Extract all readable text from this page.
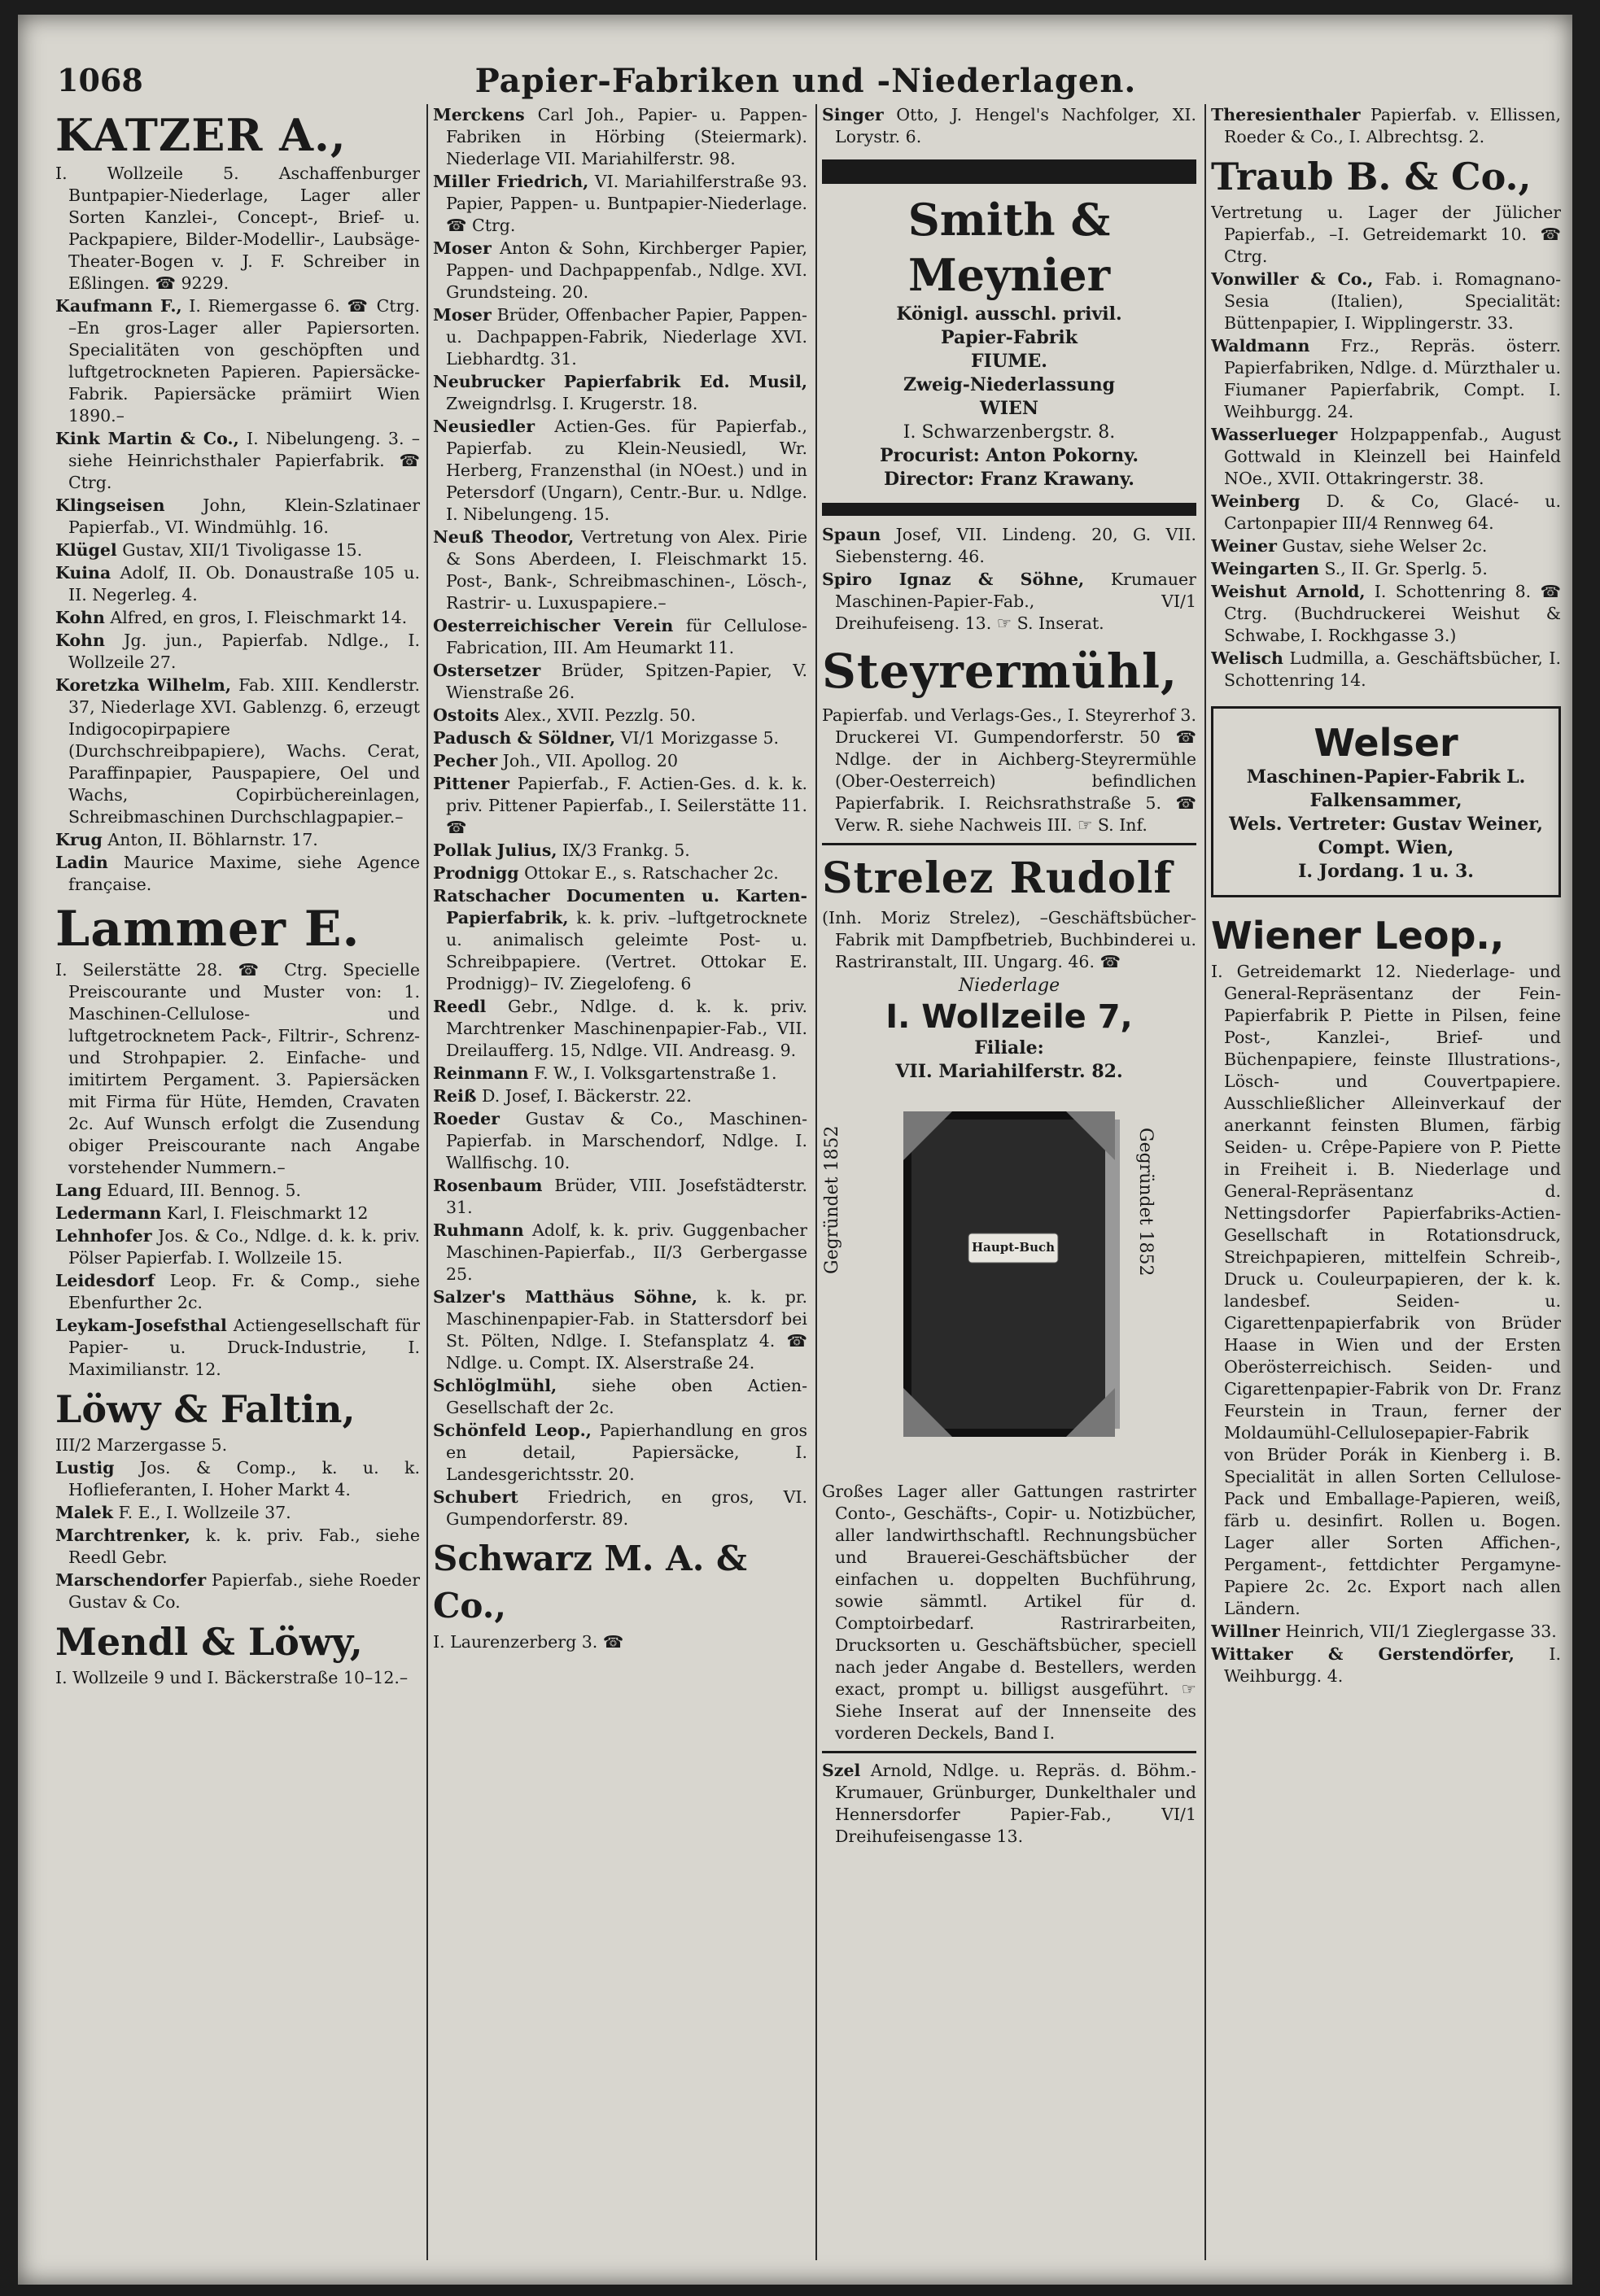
1068	Papier-Fabriken und -Niederlagen.
KATZER A.,

I. Wollzeile 5. Aschaffenburger Buntpapier-Niederlage, Lager aller Sorten Kanzlei-, Concept-, Brief- u. Packpapiere, Bilder-Modellir-, Laubsäge-Theater-Bogen v. J. F. Schreiber in Eßlingen. ☎ 9229.

Kaufmann F., I. Riemergasse 6. ☎ Ctrg. –En gros-Lager aller Papiersorten. Specialitäten von geschöpften und luftgetrockneten Papieren. Papiersäcke-Fabrik. Papiersäcke prämiirt Wien 1890.–

Kink Martin & Co., I. Nibelungeng. 3. –siehe Heinrichsthaler Papierfabrik. ☎ Ctrg.

Klingseisen John, Klein-Szlatinaer Papierfab., VI. Windmühlg. 16.

Klügel Gustav, XII/1 Tivoligasse 15.

Kuina Adolf, II. Ob. Donaustraße 105 u. II. Negerleg. 4.

Kohn Alfred, en gros, I. Fleischmarkt 14.

Kohn Jg. jun., Papierfab. Ndlge., I. Wollzeile 27.

Koretzka Wilhelm, Fab. XIII. Kendlerstr. 37, Niederlage XVI. Gablenzg. 6, erzeugt Indigocopirpapiere (Durchschreibpapiere), Wachs. Cerat, Paraffinpapier, Pauspapiere, Oel und Wachs, Copirbüchereinlagen, Schreibmaschinen Durchschlagpapier.–

Krug Anton, II. Böhlarnstr. 17.

Ladin Maurice Maxime, siehe Agence française.

Lammer E.

I. Seilerstätte 28. ☎ Ctrg. Specielle Preiscourante und Muster von: 1. Maschinen-Cellulose- und luftgetrocknetem Pack-, Filtrir-, Schrenz- und Strohpapier. 2. Einfache- und imitirtem Pergament. 3. Papiersäcken mit Firma für Hüte, Hemden, Cravaten 2c. Auf Wunsch erfolgt die Zusendung obiger Preiscourante nach Angabe vorstehender Nummern.–

Lang Eduard, III. Bennog. 5.

Ledermann Karl, I. Fleischmarkt 12

Lehnhofer Jos. & Co., Ndlge. d. k. k. priv. Pölser Papierfab. I. Wollzeile 15.

Leidesdorf Leop. Fr. & Comp., siehe Ebenfurther 2c.

Leykam-Josefsthal Actiengesellschaft für Papier- u. Druck-Industrie, I. Maximilianstr. 12.

Löwy & Faltin,

III/2 Marzergasse 5.

Lustig Jos. & Comp., k. u. k. Hoflieferanten, I. Hoher Markt 4.

Malek F. E., I. Wollzeile 37.

Marchtrenker, k. k. priv. Fab., siehe Reedl Gebr.

Marschendorfer Papierfab., siehe Roeder Gustav & Co.

Mendl & Löwy,

I. Wollzeile 9 und I. Bäckerstraße 10–12.–

Merckens Carl Joh., Papier- u. Pappen-Fabriken in Hörbing (Steiermark). Niederlage VII. Mariahilferstr. 98.

Miller Friedrich, VI. Mariahilferstraße 93. Papier, Pappen- u. Buntpapier-Niederlage. ☎ Ctrg.

Moser Anton & Sohn, Kirchberger Papier, Pappen- und Dachpappenfab., Ndlge. XVI. Grundsteing. 20.

Moser Brüder, Offenbacher Papier, Pappen- u. Dachpappen-Fabrik, Niederlage XVI. Liebhardtg. 31.

Neubrucker Papierfabrik Ed. Musil, Zweigndrlsg. I. Krugerstr. 18.

Neusiedler Actien-Ges. für Papierfab., Papierfab. zu Klein-Neusiedl, Wr. Herberg, Franzensthal (in NOest.) und in Petersdorf (Ungarn), Centr.-Bur. u. Ndlge. I. Nibelungeng. 15.

Neuß Theodor, Vertretung von Alex. Pirie & Sons Aberdeen, I. Fleischmarkt 15. Post-, Bank-, Schreibmaschinen-, Lösch-, Rastrir- u. Luxuspapiere.–

Oesterreichischer Verein für Cellulose-Fabrication, III. Am Heumarkt 11.

Ostersetzer Brüder, Spitzen-Papier, V. Wienstraße 26.

Ostoits Alex., XVII. Pezzlg. 50.

Padusch & Söldner, VI/1 Morizgasse 5.

Pecher Joh., VII. Apollog. 20

Pittener Papierfab., F. Actien-Ges. d. k. k. priv. Pittener Papierfab., I. Seilerstätte 11. ☎

Pollak Julius, IX/3 Frankg. 5.

Prodnigg Ottokar E., s. Ratschacher 2c.

Ratschacher Documenten u. Karten-Papierfabrik, k. k. priv. –luftgetrocknete u. animalisch geleimte Post- u. Schreibpapiere. (Vertret. Ottokar E. Prodnigg)– IV. Ziegelofeng. 6

Reedl Gebr., Ndlge. d. k. k. priv. Marchtrenker Maschinenpapier-Fab., VII. Dreilaufferg. 15, Ndlge. VII. Andreasg. 9.

Reinmann F. W., I. Volksgartenstraße 1.

Reiß D. Josef, I. Bäckerstr. 22.

Roeder Gustav & Co., Maschinen-Papierfab. in Marschendorf, Ndlge. I. Wallfischg. 10.

Rosenbaum Brüder, VIII. Josefstädterstr. 31.

Ruhmann Adolf, k. k. priv. Guggenbacher Maschinen-Papierfab., II/3 Gerbergasse 25.

Salzer's Matthäus Söhne, k. k. pr. Maschinenpapier-Fab. in Stattersdorf bei St. Pölten, Ndlge. I. Stefansplatz 4. ☎ Ndlge. u. Compt. IX. Alserstraße 24.

Schlöglmühl, siehe oben Actien-Gesellschaft der 2c.

Schönfeld Leop., Papierhandlung en gros en detail, Papiersäcke, I. Landesgerichtsstr. 20.

Schubert Friedrich, en gros, VI. Gumpendorferstr. 89.

Schwarz M. A. & Co.,

I. Laurenzerberg 3. ☎

Singer Otto, J. Hengel's Nachfolger, XI. Lorystr. 6.

Smith & Meynier

Königl. ausschl. privil.

Papier-Fabrik

FIUME.

Zweig-Niederlassung

WIEN

I. Schwarzenbergstr. 8.

Procurist: Anton Pokorny.

Director: Franz Krawany.

Spaun Josef, VII. Lindeng. 20, G. VII. Siebensterng. 46.

Spiro Ignaz & Söhne, Krumauer Maschinen-Papier-Fab., VI/1 Dreihufeiseng. 13. ☞ S. Inserat.

Steyrermühl,

Papierfab. und Verlags-Ges., I. Steyrerhof 3. Druckerei VI. Gumpendorferstr. 50 ☎ Ndlge. der in Aichberg-Steyrermühle (Ober-Oesterreich) befindlichen Papierfabrik. I. Reichsrathstraße 5. ☎ Verw. R. siehe Nachweis III. ☞ S. Inf.

Strelez Rudolf

(Inh. Moriz Strelez), –Geschäftsbücher-Fabrik mit Dampfbetrieb, Buchbinderei u. Rastriranstalt, III. Ungarg. 46. ☎

Niederlage

I. Wollzeile 7,

Filiale:

VII. Mariahilferstr. 82.

Haupt-Buch
Gegründet 1852	Gegründet 1852

Großes Lager aller Gattungen rastrirter Conto-, Geschäfts-, Copir- u. Notizbücher, aller landwirthschaftl. Rechnungsbücher und Brauerei-Geschäftsbücher der einfachen u. doppelten Buchführung, sowie sämmtl. Artikel für d. Comptoirbedarf. Rastrirarbeiten, Drucksorten u. Geschäftsbücher, speciell nach jeder Angabe d. Bestellers, werden exact, prompt u. billigst ausgeführt. ☞ Siehe Inserat auf der Innenseite des vorderen Deckels, Band I.

Szel Arnold, Ndlge. u. Repräs. d. Böhm.-Krumauer, Grünburger, Dunkelthaler und Hennersdorfer Papier-Fab., VI/1 Dreihufeisengasse 13.

Theresienthaler Papierfab. v. Ellissen, Roeder & Co., I. Albrechtsg. 2.

Traub B. & Co.,

Vertretung u. Lager der Jülicher Papierfab., –I. Getreidemarkt 10. ☎ Ctrg.

Vonwiller & Co., Fab. i. Romagnano-Sesia (Italien), Specialität: Büttenpapier, I. Wipplingerstr. 33.

Waldmann Frz., Repräs. österr. Papierfabriken, Ndlge. d. Mürzthaler u. Fiumaner Papierfabrik, Compt. I. Weihburgg. 24.

Wasserlueger Holzpappenfab., August Gottwald in Kleinzell bei Hainfeld NOe., XVII. Ottakringerstr. 38.

Weinberg D. & Co, Glacé- u. Cartonpapier III/4 Rennweg 64.

Weiner Gustav, siehe Welser 2c.

Weingarten S., II. Gr. Sperlg. 5.

Weishut Arnold, I. Schottenring 8. ☎ Ctrg. (Buchdruckerei Weishut & Schwabe, I. Rockhgasse 3.)

Welisch Ludmilla, a. Geschäftsbücher, I. Schottenring 14.

Welser

Maschinen-Papier-Fabrik L. Falkensammer,

Wels. Vertreter: Gustav Weiner, Compt. Wien,

I. Jordang. 1 u. 3.

Wiener Leop.,

I. Getreidemarkt 12. Niederlage- und General-Repräsentanz der Fein-Papierfabrik P. Piette in Pilsen, feine Post-, Kanzlei-, Brief- und Büchenpapiere, feinste Illustrations-, Lösch- und Couvertpapiere. Ausschließlicher Alleinverkauf der anerkannt feinsten Blumen, färbig Seiden- u. Crêpe-Papiere von P. Piette in Freiheit i. B. Niederlage und General-Repräsentanz d. Nettingsdorfer Papierfabriks-Actien-Gesellschaft in Rotationsdruck, Streichpapieren, mittelfein Schreib-, Druck u. Couleurpapieren, der k. k. landesbef. Seiden- u. Cigarettenpapierfabrik von Brüder Haase in Wien und der Ersten Oberösterreichisch. Seiden- und Cigarettenpapier-Fabrik von Dr. Franz Feurstein in Traun, ferner der Moldaumühl-Cellulosepapier-Fabrik von Brüder Porák in Kienberg i. B. Specialität in allen Sorten Cellulose-Pack und Emballage-Papieren, weiß, färb u. desinfirt. Rollen u. Bogen. Lager aller Sorten Affichen-, Pergament-, fettdichter Pergamyne-Papiere 2c. 2c. Export nach allen Ländern.

Willner Heinrich, VII/1 Zieglergasse 33.

Wittaker & Gerstendörfer, I. Weihburgg. 4.
